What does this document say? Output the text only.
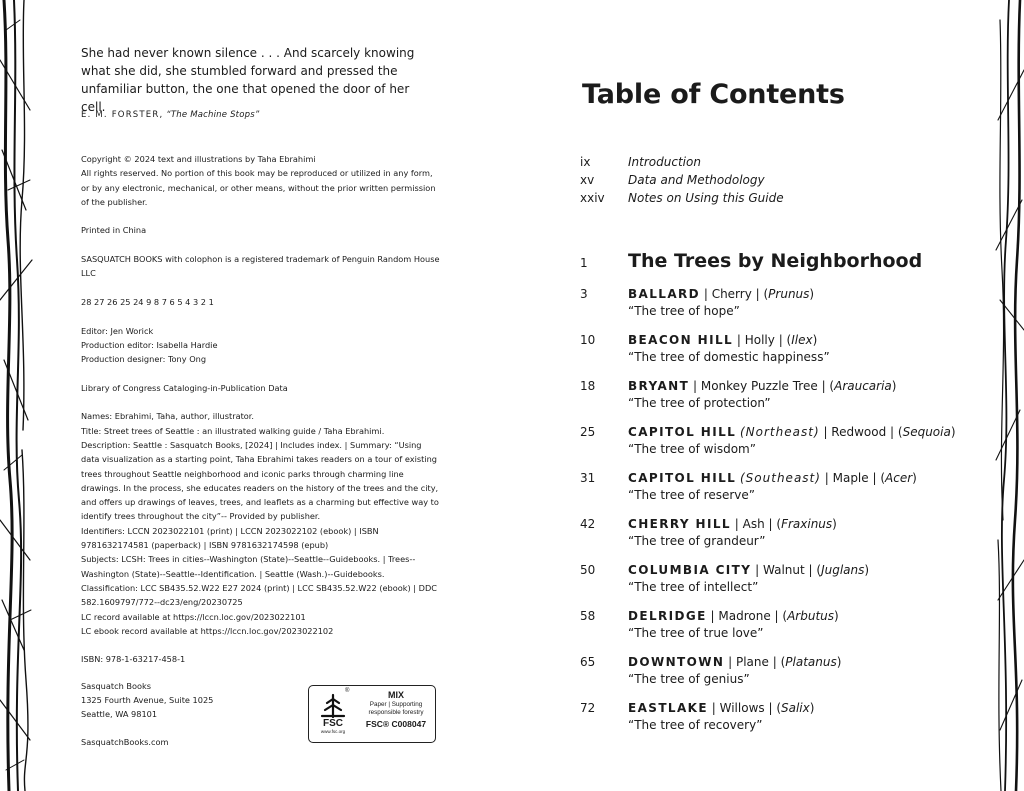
She had never known silence . . . And scarcely knowing what she did, she stumbled forward and pressed the unfamiliar button, the one that opened the door of her cell.
E. M. FORSTER, “The Machine Stops”

Copyright © 2024 text and illustrations by Taha Ebrahimi

All rights reserved. No portion of this book may be reproduced or utilized in any form, or by any electronic, mechanical, or other means, without the prior written permission of the publisher.

Printed in China

SASQUATCH BOOKS with colophon is a registered trademark of Penguin Random House LLC

28 27 26 25 24 9 8 7 6 5 4 3 2 1

Editor: Jen Worick

Production editor: Isabella Hardie

Production designer: Tony Ong

Library of Congress Cataloging-in-Publication Data

Names: Ebrahimi, Taha, author, illustrator.

Title: Street trees of Seattle : an illustrated walking guide / Taha Ebrahimi.

Description: Seattle : Sasquatch Books, [2024] | Includes index. | Summary: “Using data visualization as a starting point, Taha Ebrahimi takes readers on a tour of existing trees throughout Seattle neighborhood and iconic parks through charming line drawings. In the process, she educates readers on the history of the trees and the city, and offers up drawings of leaves, trees, and leaflets as a charming but effective way to identify trees throughout the city”-- Provided by publisher.

Identifiers: LCCN 2023022101 (print) | LCCN 2023022102 (ebook) | ISBN 9781632174581 (paperback) | ISBN 9781632174598 (epub)

Subjects: LCSH: Trees in cities--Washington (State)--Seattle--Guidebooks. | Trees--Washington (State)--Seattle--Identification. | Seattle (Wash.)--Guidebooks. Classification: LCC SB435.52.W22 E27 2024 (print) | LCC SB435.52.W22 (ebook) | DDC 582.1609797/772--dc23/eng/20230725

LC record available at https://lccn.loc.gov/2023022101

LC ebook record available at https://lccn.loc.gov/2023022102

ISBN: 978-1-63217-458-1

Sasquatch Books

1325 Fourth Avenue, Suite 1025

Seattle, WA 98101

SasquatchBooks.com
FSC
www.fsc.org
®	MIX
Paper | Supporting responsible forestry
FSC® C008047
Table of Contents
ix	Introduction
xv	Data and Methodology
xxiv	Notes on Using this Guide
1	The Trees by Neighborhood
3	BALLARD | Cherry | (Prunus)
“The tree of hope”
10	BEACON HILL | Holly | (Ilex)
“The tree of domestic happiness”
18	BRYANT | Monkey Puzzle Tree | (Araucaria)
“The tree of protection”
25	CAPITOL HILL (Northeast) | Redwood | (Sequoia)
“The tree of wisdom”
31	CAPITOL HILL (Southeast) | Maple | (Acer)
“The tree of reserve”
42	CHERRY HILL | Ash | (Fraxinus)
“The tree of grandeur”
50	COLUMBIA CITY | Walnut | (Juglans)
“The tree of intellect”
58	DELRIDGE | Madrone | (Arbutus)
“The tree of true love”
65	DOWNTOWN | Plane | (Platanus)
“The tree of genius”
72	EASTLAKE | Willows | (Salix)
“The tree of recovery”
